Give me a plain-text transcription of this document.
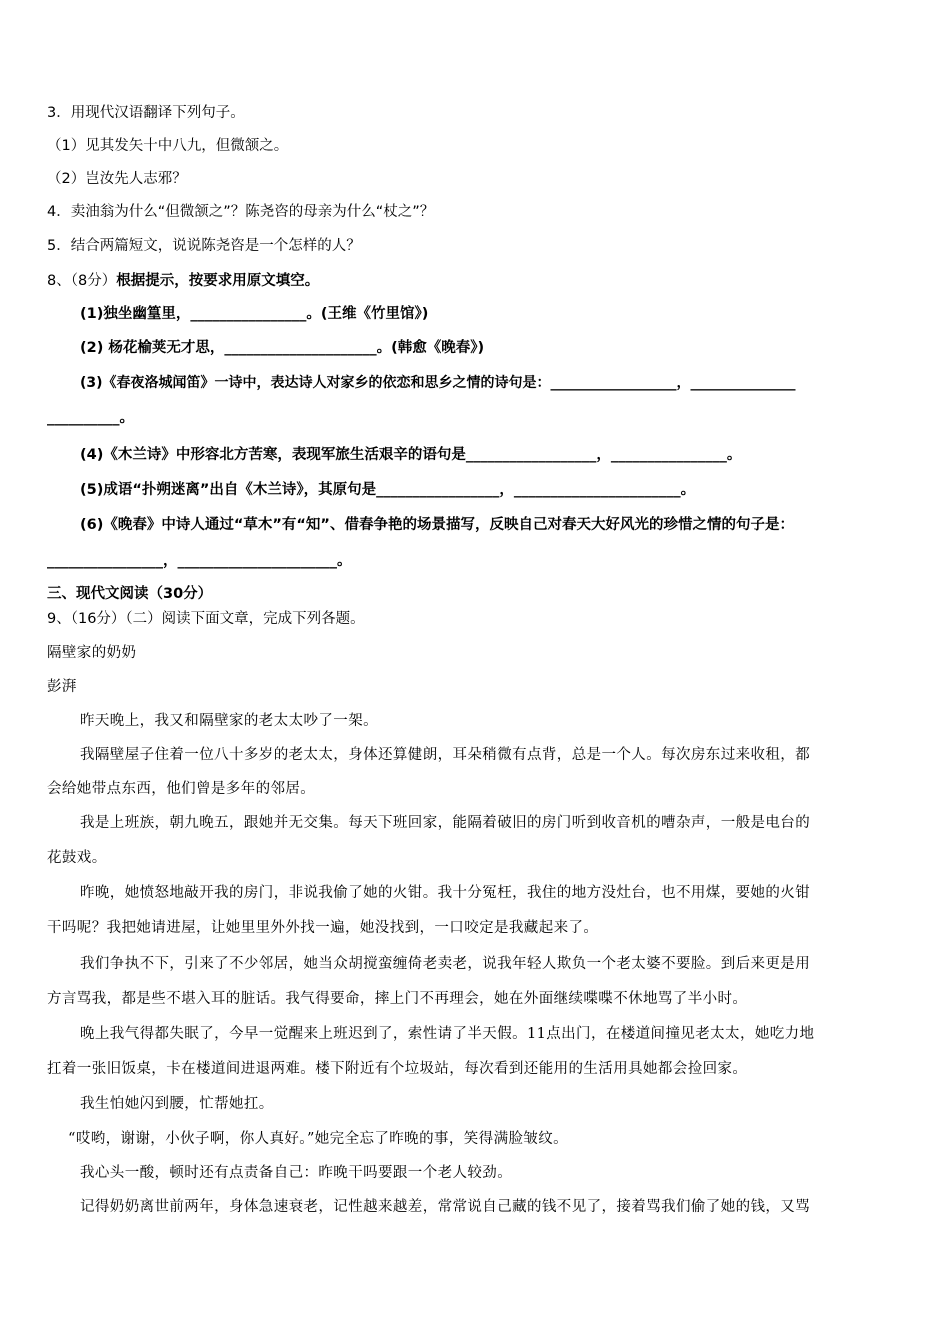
3．用现代汉语翻译下列句子。
（1）见其发矢十中八九，但微颔之。
（2）岂汝先人志邪？
4．卖油翁为什么“但微颔之”？陈尧咨的母亲为什么“杖之”？
5．结合两篇短文，说说陈尧咨是一个怎样的人？
8、（8分）根据提示，按要求用原文填空。
(1)独坐幽篁里，________________。(王维《竹里馆》)
(2) 杨花榆荚无才思，_____________________。(韩愈《晚春》)
(3)《春夜洛城闻笛》一诗中，表达诗人对家乡的依恋和思乡之情的诗句是：__________________，_______________
__________。
(4)《木兰诗》中形容北方苦寒，表现军旅生活艰辛的语句是__________________，________________。
(5)成语“扑朔迷离”出自《木兰诗》，其原句是_________________，_______________________。
(6)《晚春》中诗人通过“草木”有“知”、借春争艳的场景描写，反映自己对春天大好风光的珍惜之情的句子是：
________________，______________________。
三、现代文阅读（30分）
9、（16分）（二）阅读下面文章，完成下列各题。
隔壁家的奶奶
彭湃
昨天晚上，我又和隔壁家的老太太吵了一架。
我隔壁屋子住着一位八十多岁的老太太，身体还算健朗，耳朵稍微有点背，总是一个人。每次房东过来收租，都
会给她带点东西，他们曾是多年的邻居。
我是上班族，朝九晚五，跟她并无交集。每天下班回家，能隔着破旧的房门听到收音机的嘈杂声，一般是电台的
花鼓戏。
昨晚，她愤怒地敲开我的房门，非说我偷了她的火钳。我十分冤枉，我住的地方没灶台，也不用煤，要她的火钳
干吗呢？我把她请进屋，让她里里外外找一遍，她没找到，一口咬定是我藏起来了。
我们争执不下，引来了不少邻居，她当众胡搅蛮缠倚老卖老，说我年轻人欺负一个老太婆不要脸。到后来更是用
方言骂我，都是些不堪入耳的脏话。我气得要命，摔上门不再理会，她在外面继续喋喋不休地骂了半小时。
晚上我气得都失眠了，今早一觉醒来上班迟到了，索性请了半天假。11点出门，在楼道间撞见老太太，她吃力地
扛着一张旧饭桌，卡在楼道间进退两难。楼下附近有个垃圾站，每次看到还能用的生活用具她都会捡回家。
我生怕她闪到腰，忙帮她扛。
“哎哟，谢谢，小伙子啊，你人真好。”她完全忘了昨晚的事，笑得满脸皱纹。
我心头一酸，顿时还有点责备自己：昨晚干吗要跟一个老人较劲。
记得奶奶离世前两年，身体急速衰老，记性越来越差，常常说自己藏的钱不见了，接着骂我们偷了她的钱，又骂
